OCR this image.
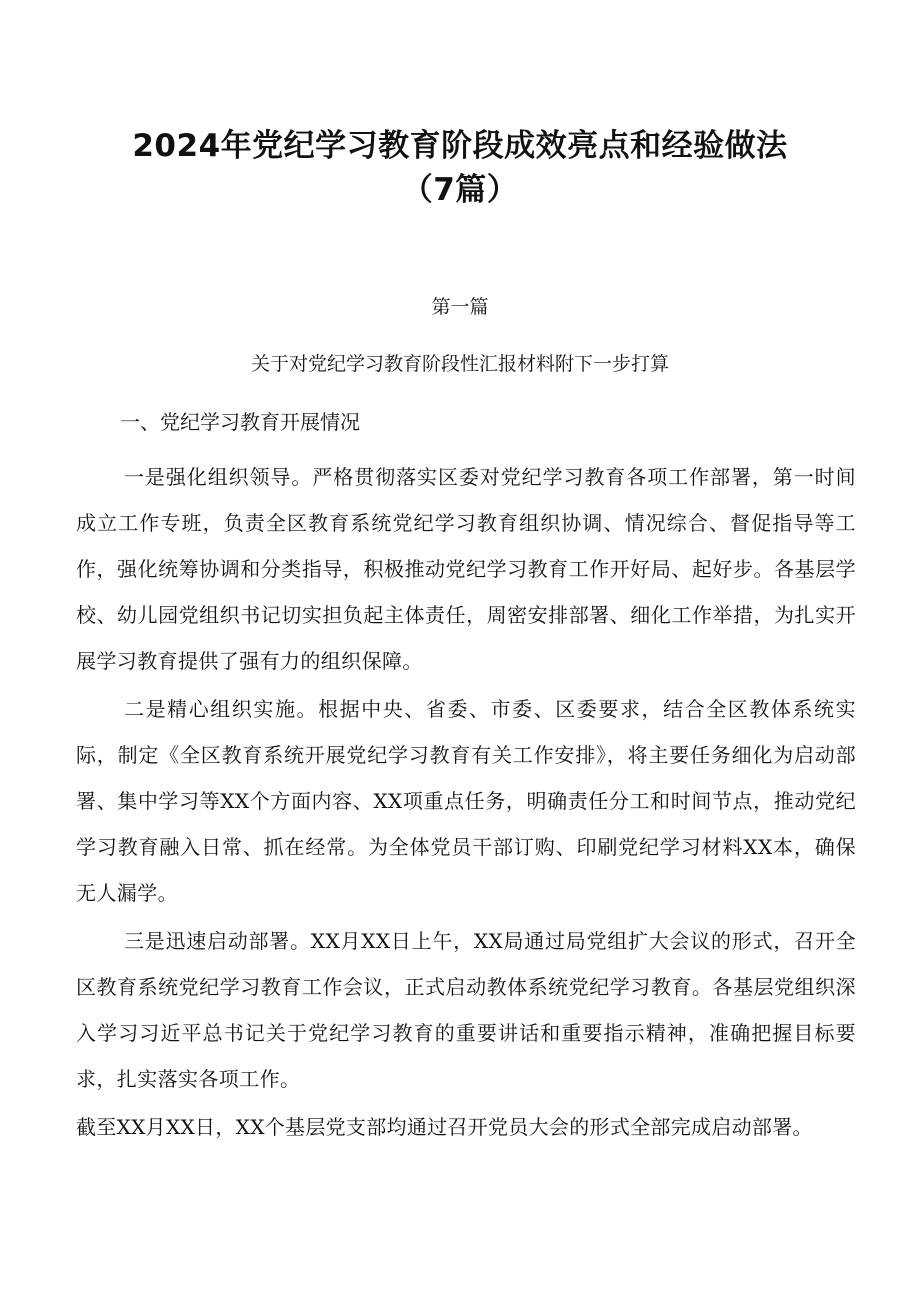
2024年党纪学习教育阶段成效亮点和经验做法（7篇）
第一篇
关于对党纪学习教育阶段性汇报材料附下一步打算
一、党纪学习教育开展情况

一是强化组织领导。严格贯彻落实区委对党纪学习教育各项工作部署，第一时间成立工作专班，负责全区教育系统党纪学习教育组织协调、情况综合、督促指导等工作，强化统筹协调和分类指导，积极推动党纪学习教育工作开好局、起好步。各基层学校、幼儿园党组织书记切实担负起主体责任，周密安排部署、细化工作举措，为扎实开展学习教育提供了强有力的组织保障。

二是精心组织实施。根据中央、省委、市委、区委要求，结合全区教体系统实际，制定《全区教育系统开展党纪学习教育有关工作安排》，将主要任务细化为启动部署、集中学习等XX个方面内容、XX项重点任务，明确责任分工和时间节点，推动党纪学习教育融入日常、抓在经常。为全体党员干部订购、印刷党纪学习材料XX本，确保无人漏学。

三是迅速启动部署。XX月XX日上午，XX局通过局党组扩大会议的形式，召开全区教育系统党纪学习教育工作会议，正式启动教体系统党纪学习教育。各基层党组织深入学习习近平总书记关于党纪学习教育的重要讲话和重要指示精神，准确把握目标要求，扎实落实各项工作。

截至XX月XX日，XX个基层党支部均通过召开党员大会的形式全部完成启动部署。
